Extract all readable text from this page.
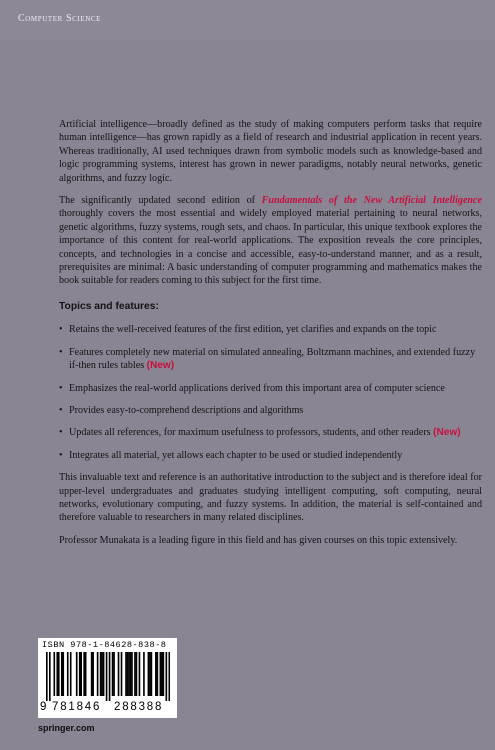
Computer Science

Artificial intelligence—broadly defined as the study of making computers perform tasks that require human intelligence—has grown rapidly as a field of research and industrial application in recent years. Whereas traditionally, AI used techniques drawn from symbolic models such as knowledge-based and logic programming systems, interest has grown in newer paradigms, notably neural networks, genetic algorithms, and fuzzy logic.

The significantly updated second edition of Fundamentals of the New Artificial Intelligence thoroughly covers the most essential and widely employed material pertaining to neural networks, genetic algorithms, fuzzy systems, rough sets, and chaos. In particular, this unique textbook explores the importance of this content for real-world applications. The exposition reveals the core principles, concepts, and technologies in a concise and accessible, easy-to-understand manner, and as a result, prerequisites are minimal: A basic understanding of computer programming and mathematics makes the book suitable for readers coming to this subject for the first time.

Topics and features:
• Retains the well-received features of the first edition, yet clarifies and expands on the topic
• Features completely new material on simulated annealing, Boltzmann machines, and extended fuzzy if-then rules tables (New)
• Emphasizes the real-world applications derived from this important area of computer science
• Provides easy-to-comprehend descriptions and algorithms
• Updates all references, for maximum usefulness to professors, students, and other readers (New)
• Integrates all material, yet allows each chapter to be used or studied independently

This invaluable text and reference is an authoritative introduction to the subject and is therefore ideal for upper-level undergraduates and graduates studying intelligent computing, soft computing, neural networks, evolutionary computing, and fuzzy systems. In addition, the material is self-contained and therefore valuable to researchers in many related disciplines.

Professor Munakata is a leading figure in this field and has given courses on this topic extensively.

ISBN 978-1-84628-838-8
9 781846 288388
springer.com
